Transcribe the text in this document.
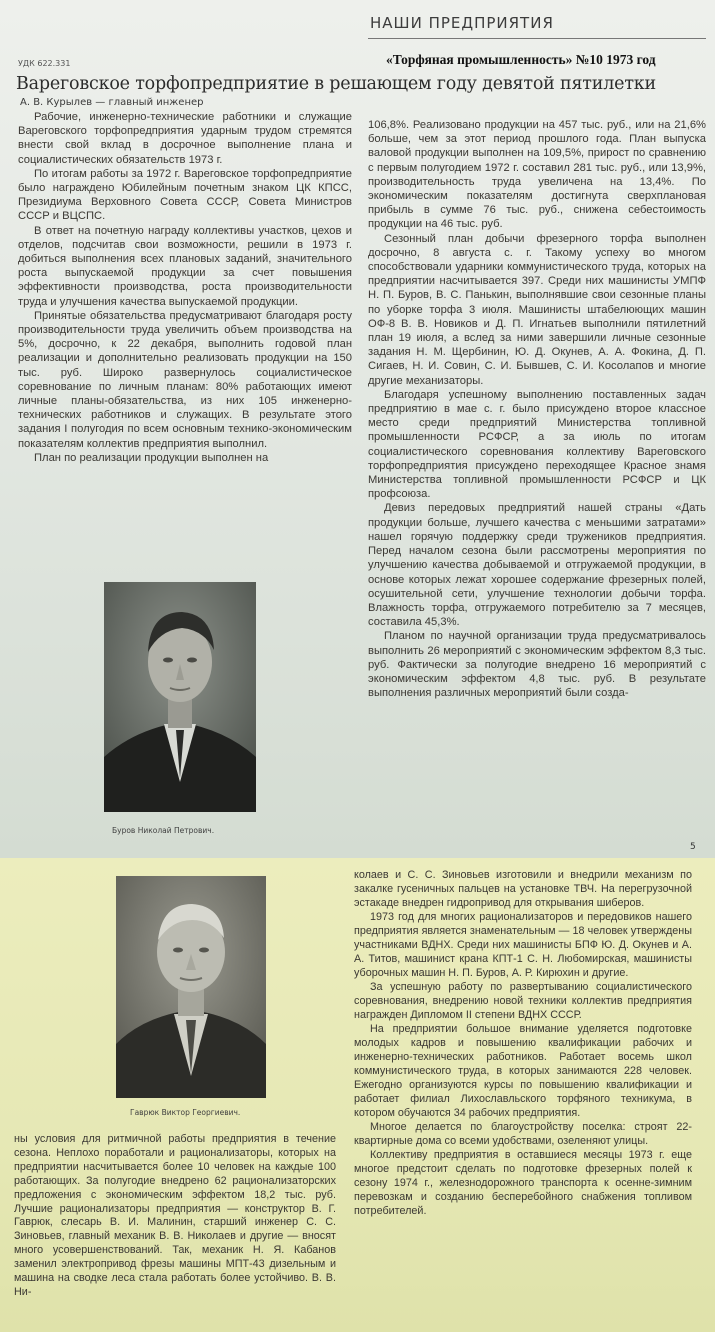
НАШИ ПРЕДПРИЯТИЯ
«Торфяная промышленность» №10 1973 год
УДК 622.331
Вареговское торфопредприятие в решающем году девятой пятилетки
А. В. Курылев — главный инженер

Рабочие, инженерно-технические работники и служащие Вареговского торфопредприятия ударным трудом стремятся внести свой вклад в досрочное выполнение плана и социалистических обязательств 1973 г.

По итогам работы за 1972 г. Вареговское торфопредприятие было награждено Юбилейным почетным знаком ЦК КПСС, Президиума Верховного Совета СССР, Совета Министров СССР и ВЦСПС.

В ответ на почетную награду коллективы участков, цехов и отделов, подсчитав свои возможности, решили в 1973 г. добиться выполнения всех плановых заданий, значительного роста выпускаемой продукции за счет повышения эффективности производства, роста производительности труда и улучшения качества выпускаемой продукции.

Принятые обязательства предусматривают благодаря росту производительности труда увеличить объем производства на 5%, досрочно, к 22 декабря, выполнить годовой план реализации и дополнительно реализовать продукции на 150 тыс. руб. Широко развернулось социалистическое соревнование по личным планам: 80% работающих имеют личные планы-обязательства, из них 105 инженерно-технических работников и служащих. В результате этого задания I полугодия по всем основным технико-экономическим показателям коллектив предприятия выполнил.

План по реализации продукции выполнен на

Буров Николай Петрович.

106,8%. Реализовано продукции на 457 тыс. руб., или на 21,6% больше, чем за этот период прошлого года. План выпуска валовой продукции выполнен на 109,5%, прирост по сравнению с первым полугодием 1972 г. составил 281 тыс. руб., или 13,9%, производительность труда увеличена на 13,4%. По экономическим показателям достигнута сверхплановая прибыль в сумме 76 тыс. руб., снижена себестоимость продукции на 46 тыс. руб.

Сезонный план добычи фрезерного торфа выполнен досрочно, 8 августа с. г. Такому успеху во многом способствовали ударники коммунистического труда, которых на предприятии насчитывается 397. Среди них машинисты УМПФ Н. П. Буров, В. С. Панькин, выполнявшие свои сезонные планы по уборке торфа 3 июля. Машинисты штабелюющих машин ОФ-8 В. В. Новиков и Д. П. Игнатьев выполнили пятилетний план 19 июля, а вслед за ними завершили личные сезонные задания Н. М. Щербинин, Ю. Д. Окунев, А. А. Фокина, Д. П. Сигаев, Н. И. Совин, С. И. Бывшев, С. И. Косолапов и многие другие механизаторы.

Благодаря успешному выполнению поставленных задач предприятию в мае с. г. было присуждено второе классное место среди предприятий Министерства топливной промышленности РСФСР, а за июль по итогам социалистического соревнования коллективу Вареговского торфопредприятия присуждено переходящее Красное знамя Министерства топливной промышленности РСФСР и ЦК профсоюза.

Девиз передовых предприятий нашей страны «Дать продукции больше, лучшего качества с меньшими затратами» нашел горячую поддержку среди тружеников предприятия. Перед началом сезона были рассмотрены мероприятия по улучшению качества добываемой и отгружаемой продукции, в основе которых лежат хорошее содержание фрезерных полей, осушительной сети, улучшение технологии добычи торфа. Влажность торфа, отгружаемого потребителю за 7 месяцев, составила 45,3%.

Планом по научной организации труда предусматривалось выполнить 26 мероприятий с экономическим эффектом 8,3 тыс. руб. Фактически за полугодие внедрено 16 мероприятий с экономическим эффектом 4,8 тыс. руб. В результате выполнения различных мероприятий были созда-

5
Гаврюк Виктор Георгиевич.

ны условия для ритмичной работы предприятия в течение сезона. Неплохо поработали и рационализаторы, которых на предприятии насчитывается более 10 человек на каждые 100 работающих. За полугодие внедрено 62 рационализаторских предложения с экономическим эффектом 18,2 тыс. руб. Лучшие рационализаторы предприятия — конструктор В. Г. Гаврюк, слесарь В. И. Малинин, старший инженер С. С. Зиновьев, главный механик В. В. Николаев и другие — вносят много усовершенствований. Так, механик Н. Я. Кабанов заменил электропривод фрезы машины МПТ-43 дизельным и машина на сводке леса стала работать более устойчиво. В. В. Ни-

колаев и С. С. Зиновьев изготовили и внедрили механизм по закалке гусеничных пальцев на установке ТВЧ. На перегрузочной эстакаде внедрен гидропривод для открывания шиберов.

1973 год для многих рационализаторов и передовиков нашего предприятия является знаменательным — 18 человек утверждены участниками ВДНХ. Среди них машинисты БПФ Ю. Д. Окунев и А. А. Титов, машинист крана КПТ-1 С. Н. Любомирская, машинисты уборочных машин Н. П. Буров, А. Р. Кирюхин и другие.

За успешную работу по развертыванию социалистического соревнования, внедрению новой техники коллектив предприятия награжден Дипломом II степени ВДНХ СССР.

На предприятии большое внимание уделяется подготовке молодых кадров и повышению квалификации рабочих и инженерно-технических работников. Работает восемь школ коммунистического труда, в которых занимаются 228 человек. Ежегодно организуются курсы по повышению квалификации и работает филиал Лихославльского торфяного техникума, в котором обучаются 34 рабочих предприятия.

Многое делается по благоустройству поселка: строят 22-квартирные дома со всеми удобствами, озеленяют улицы.

Коллективу предприятия в оставшиеся месяцы 1973 г. еще многое предстоит сделать по подготовке фрезерных полей к сезону 1974 г., железнодорожного транспорта к осенне-зимним перевозкам и созданию бесперебойного снабжения топливом потребителей.
